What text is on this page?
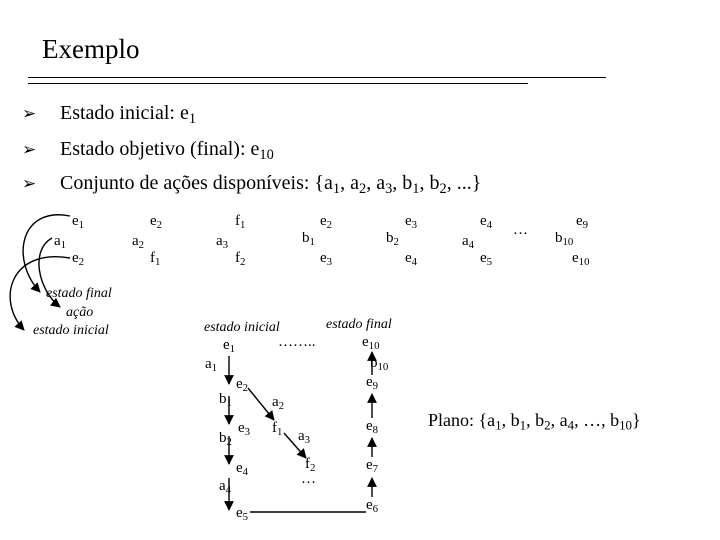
Exemplo
➢	Estado inicial: $e_1$
➢	Estado objetivo (final): $e_{10}$
➢	Conjunto de ações disponíveis: {$a_1$, $a_2$, $a_3$, $b_1$, $b_2$, ...}
$e_1$
$a_1$
$e_2$
$e_2$
$a_2$
$f_1$
$f_1$
$a_3$
$f_2$
$e_2$
$b_1$
$e_3$
$e_3$
$b_2$
$e_4$
$e_4$
$a_4$
$e_5$
…
$e_9$
$b_{10}$
$e_{10}$
estado final
ação
estado inicial	estado inicial	estado final
……..
…
$e_1$
$a_1$
$e_2$
$b_1$	$a_2$
$e_3$ $f_1$ $a_3$
$b_2$
$f_2$
$e_4$
$a_4$
$e_5$
$e_{10}$
$b_{10}$
$e_9$
$e_8$
$e_7$
$e_6$
Plano: {$a_1$, $b_1$, $b_2$, $a_4$, …, $b_{10}$}
